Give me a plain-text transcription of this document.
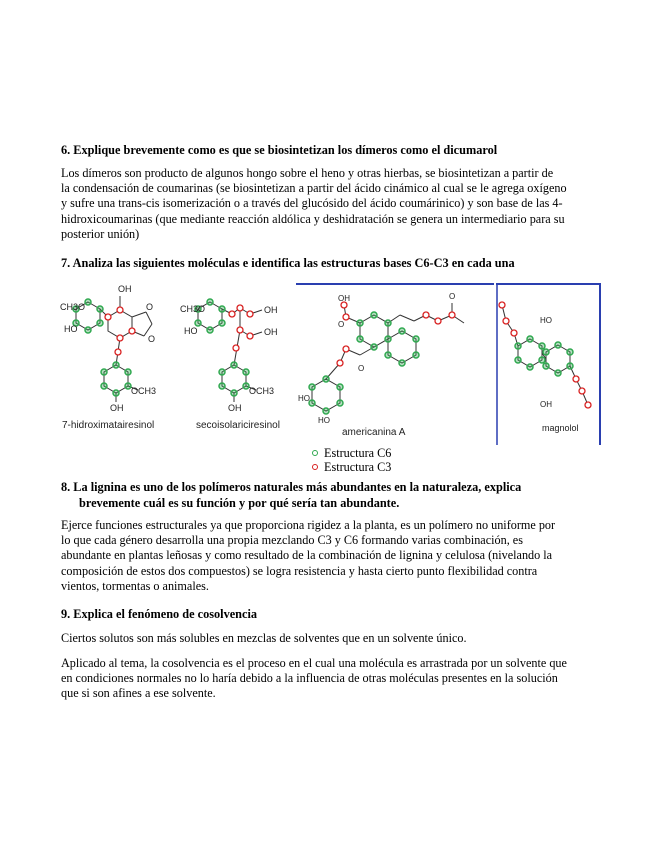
6. Explique brevemente como es que se biosintetizan los dímeros como el dicumarol
Los dímeros son producto de algunos hongo sobre el heno y otras hierbas, se biosintetizan a partir de
la condensación de coumarinas (se biosintetizan a partir del ácido cinámico al cual se le agrega oxígeno
y sufre una trans-cis isomerización o a través del glucósido del ácido coumárinico) y son base de las 4-
hidroxicoumarinas (que mediante reacción aldólica y deshidratación se genera un intermediario para su
posterior unión)
7. Analiza las siguientes moléculas e identifica las estructuras bases C6-C3 en cada una
OH
CH3O
HO
O
O
OCH3
OH
7-hidroximatairesinol
CH3O	OH
HO	OH
OCH3
OH
secoisolariciresinol
OH
O
O
HO
HO
O
americanina A
HO
OH
magnolol
Estructura C6
Estructura C3
8. La lignina es uno de los polímeros naturales más abundantes en la naturaleza, explica
brevemente cuál es su función y por qué sería tan abundante.
Ejerce funciones estructurales ya que proporciona rigidez a la planta, es un polímero no uniforme por
lo que cada género desarrolla una propia mezclando C3 y C6 formando varias combinación, es
abundante en plantas leñosas y como resultado de la combinación de lignina y celulosa (nivelando la
composición de estos dos compuestos) se logra resistencia y hasta cierto punto flexibilidad contra
vientos, tormentas o animales.
9. Explica el fenómeno de cosolvencia
Ciertos solutos son más solubles en mezclas de solventes que en un solvente único.
Aplicado al tema, la cosolvencia es el proceso en el cual una molécula es arrastrada por un solvente que
en condiciones normales no lo haría debido a la influencia de otras moléculas presentes en la solución
que si son afines a ese solvente.
